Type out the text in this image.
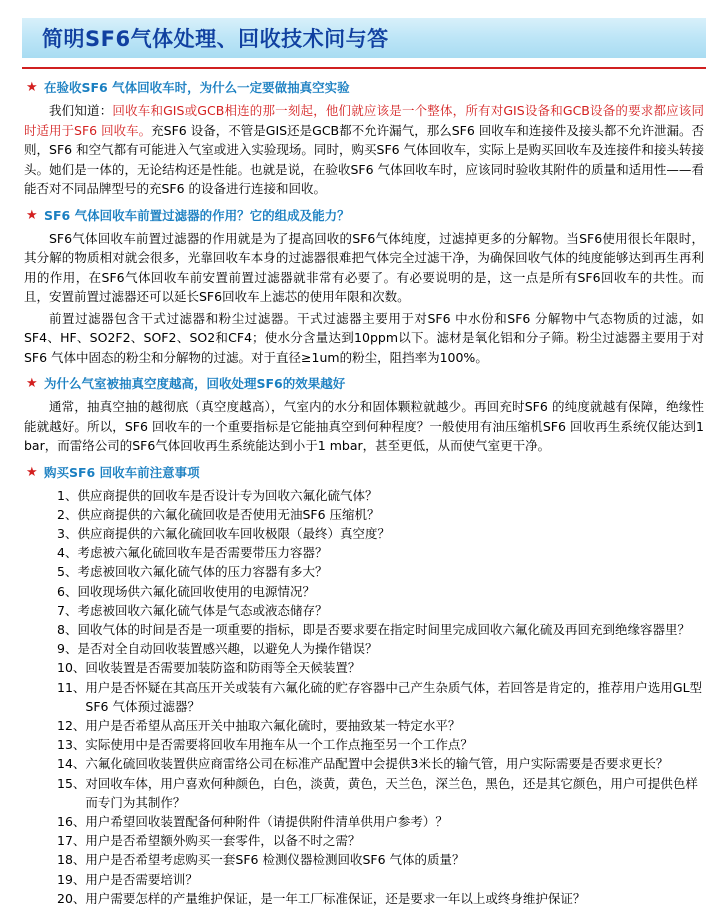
简明SF6气体处理、回收技术问与答
★ 在验收SF6 气体回收车时，为什么一定要做抽真空实验

我们知道：回收车和GIS或GCB相连的那一刻起，他们就应该是一个整体，所有对GIS设备和GCB设备的要求都应该同时适用于SF6 回收车。充SF6 设备，不管是GIS还是GCB都不允许漏气，那么SF6 回收车和连接件及接头都不允许泄漏。否则，SF6 和空气都有可能进入气室或进入实验现场。同时，购买SF6 气体回收车，实际上是购买回收车及连接件和接头转接头。她们是一体的，无论结构还是性能。也就是说，在验收SF6 气体回收车时，应该同时验收其附件的质量和适用性——看能否对不同品牌型号的充SF6 的设备进行连接和回收。

★ SF6 气体回收车前置过滤器的作用？它的组成及能力？

SF6气体回收车前置过滤器的作用就是为了提高回收的SF6气体纯度，过滤掉更多的分解物。当SF6使用很长年限时，其分解的物质相对就会很多，光靠回收车本身的过滤器很难把气体完全过滤干净，为确保回收气体的纯度能够达到再生再利用的作用，在SF6气体回收车前安置前置过滤器就非常有必要了。有必要说明的是，这一点是所有SF6回收车的共性。而且，安置前置过滤器还可以延长SF6回收车上滤芯的使用年限和次数。

前置过滤器包含干式过滤器和粉尘过滤器。干式过滤器主要用于对SF6 中水份和SF6 分解物中气态物质的过滤，如SF4、HF、SO2F2、SOF2、SO2和CF4；使水分含量达到10ppm以下。滤材是氧化铝和分子筛。粉尘过滤器主要用于对SF6 气体中固态的粉尘和分解物的过滤。对于直径≥1um的粉尘，阻挡率为100%。

★ 为什么气室被抽真空度越高，回收处理SF6的效果越好

通常，抽真空抽的越彻底（真空度越高），气室内的水分和固体颗粒就越少。再回充时SF6 的纯度就越有保障，绝缘性能就越好。所以，SF6 回收车的一个重要指标是它能抽真空到何种程度？一般使用有油压缩机SF6 回收再生系统仅能达到1 bar，而雷络公司的SF6气体回收再生系统能达到小于1 mbar，甚至更低，从而使气室更干净。

★ 购买SF6 回收车前注意事项
1、 供应商提供的回收车是否设计专为回收六氟化硫气体？
2、 供应商提供的六氟化硫回收是否使用无油SF6 压缩机？
3、 供应商提供的六氟化硫回收车回收极限（最终）真空度？
4、 考虑被六氟化硫回收车是否需要带压力容器？
5、 考虑被回收六氟化硫气体的压力容器有多大？
6、 回收现场供六氟化硫回收使用的电源情况？
7、 考虑被回收六氟化硫气体是气态或液态储存？
8、 回收气体的时间是否是一项重要的指标，即是否要求要在指定时间里完成回收六氟化硫及再回充到绝缘容器里？
9、 是否对全自动回收装置感兴趣，以避免人为操作错误？
10、 回收装置是否需要加装防盗和防雨等全天候装置？
11、 用户是否怀疑在其高压开关或装有六氟化硫的贮存容器中己产生杂质气体，若回答是肯定的，推荐用户选用GL型SF6 气体预过滤器？
12、 用户是否希望从高压开关中抽取六氟化硫时，要抽致某一特定水平？
13、 实际使用中是否需要将回收车用拖车从一个工作点拖至另一个工作点？
14、 六氟化硫回收装置供应商雷络公司在标准产品配置中会提供3米长的输气管，用户实际需要是否要求更长？
15、 对回收车体，用户喜欢何种颜色，白色，淡黄，黄色，天兰色，深兰色，黑色，还是其它颜色，用户可提供色样而专门为其制作？
16、 用户希望回收装置配备何种附件（请提供附件清单供用户参考）？
17、 用户是否希望额外购买一套零件，以备不时之需？
18、 用户是否希望考虑购买一套SF6 检测仪器检测回收SF6 气体的质量？
19、 用户是否需要培训？
20、 用户需要怎样的产量维护保证，是一年工厂标准保证，还是要求一年以上或终身维护保证？
